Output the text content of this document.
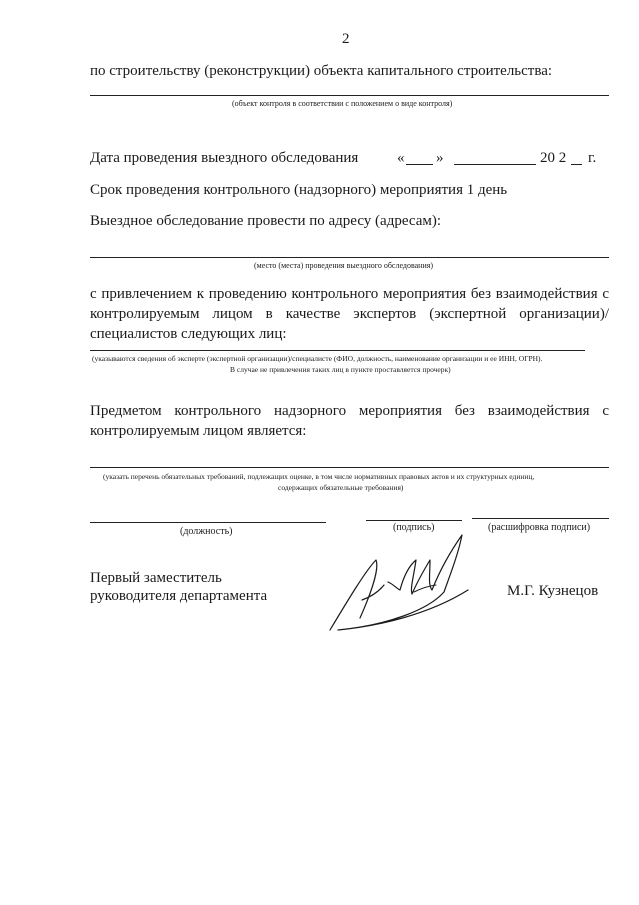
2
по строительству (реконструкции) объекта капитального строительства:
(объект контроля в соответствии с положением о виде контроля)
Дата проведения выездного обследования	« »	20 2 г.
Срок проведения контрольного (надзорного) мероприятия 1 день
Выездное обследование провести по адресу (адресам):
(место (места) проведения выездного обследования)
с привлечением к проведению контрольного мероприятия без взаимодействия с
контролируемым лицом в качестве экспертов (экспертной организации)/
специалистов следующих лиц:
(указываются сведения об эксперте (экспертной организации)/специалисте (ФИО, должность, наименование организации и ее ИНН, ОГРН).
В случае не привлечения таких лиц в пункте проставляется прочерк)
Предметом контрольного надзорного мероприятия без взаимодействия с
контролируемым лицом является:
(указать перечень обязательных требований, подлежащих оценке, в том числе нормативных правовых актов и их структурных единиц,
содержащих обязательные требования)
(должность)	(подпись)	(расшифровка подписи)
Первый заместитель
руководителя департамента	М.Г. Кузнецов
